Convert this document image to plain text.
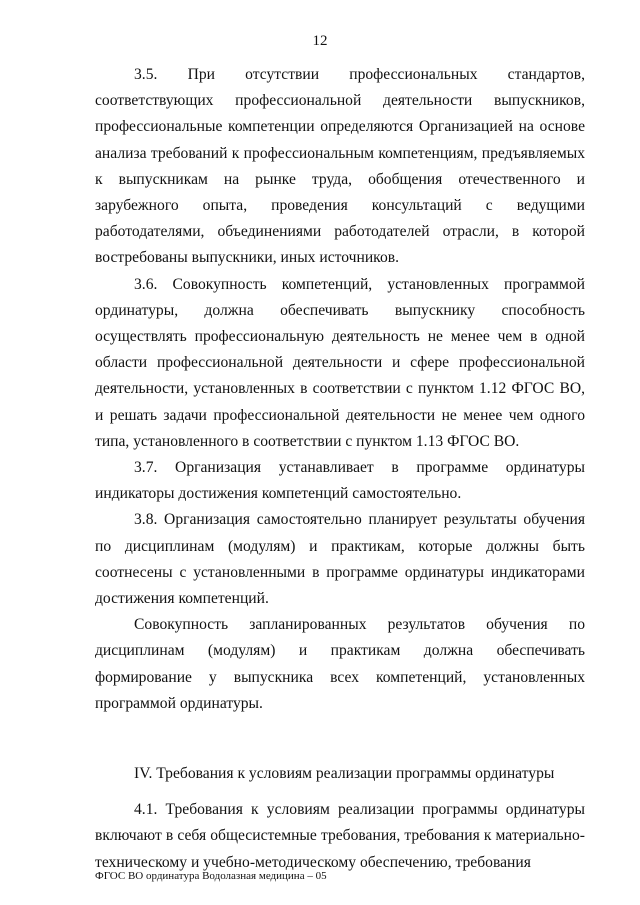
12

3.5. При отсутствии профессиональных стандартов, соответствующих профессиональной деятельности выпускников, профессиональные компетенции определяются Организацией на основе анализа требований к профессиональным компетенциям, предъявляемых к выпускникам на рынке труда, обобщения отечественного и зарубежного опыта, проведения консультаций с ведущими работодателями, объединениями работодателей отрасли, в которой востребованы выпускники, иных источников.

3.6. Совокупность компетенций, установленных программой ординатуры, должна обеспечивать выпускнику способность осуществлять профессиональную деятельность не менее чем в одной области профессиональной деятельности и сфере профессиональной деятельности, установленных в соответствии с пунктом 1.12 ФГОС ВО, и решать задачи профессиональной деятельности не менее чем одного типа, установленного в соответствии с пунктом 1.13 ФГОС ВО.

3.7. Организация устанавливает в программе ординатуры индикаторы достижения компетенций самостоятельно.

3.8. Организация самостоятельно планирует результаты обучения по дисциплинам (модулям) и практикам, которые должны быть соотнесены с установленными в программе ординатуры индикаторами достижения компетенций.

Совокупность запланированных результатов обучения по дисциплинам (модулям) и практикам должна обеспечивать формирование у выпускника всех компетенций, установленных программой ординатуры.

IV. Требования к условиям реализации программы ординатуры

4.1. Требования к условиям реализации программы ординатуры включают в себя общесистемные требования, требования к материально-техническому и учебно-методическому обеспечению, требования

ФГОС ВО ординатура Водолазная медицина – 05
